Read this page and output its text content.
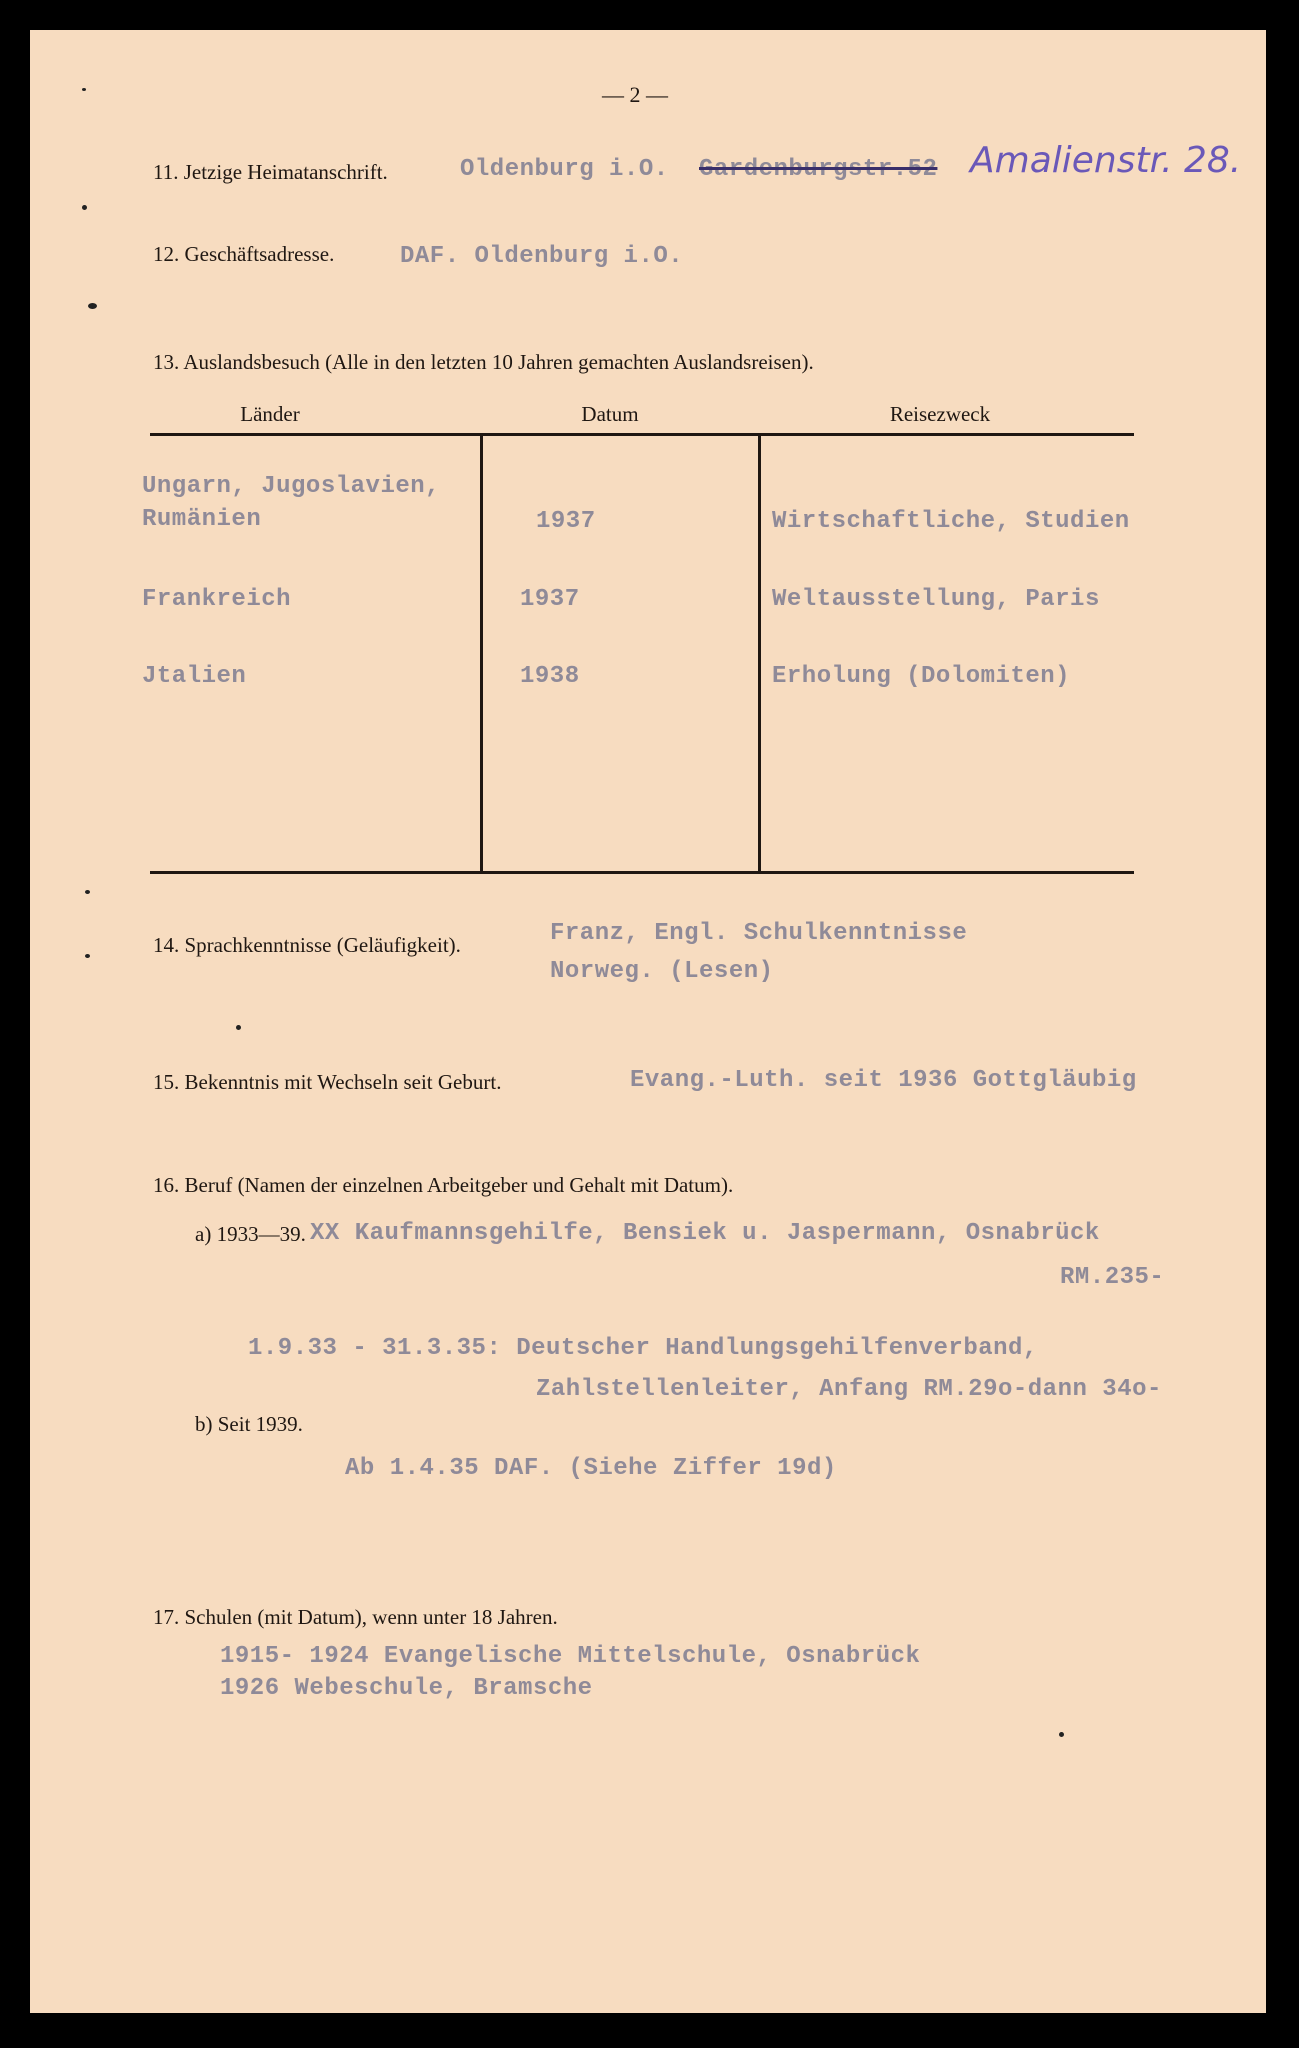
— 2 —
11. Jetzige Heimatanschrift.	Oldenburg i.O. Gardenburgstr.52 Amalienstr. 28.
12. Geschäftsadresse.	DAF. Oldenburg i.O.
13. Auslandsbesuch (Alle in den letzten 10 Jahren gemachten Auslandsreisen).
Länder	Datum	Reisezweck
Ungarn, Jugoslavien,
Rumänien	1937	Wirtschaftliche, Studien
Frankreich	1937	Weltausstellung, Paris
Jtalien	1938	Erholung (Dolomiten)
14. Sprachkenntnisse (Geläufigkeit).	Franz, Engl. Schulkenntnisse
Norweg. (Lesen)
15. Bekenntnis mit Wechseln seit Geburt.	Evang.-Luth. seit 1936 Gottgläubig
16. Beruf (Namen der einzelnen Arbeitgeber und Gehalt mit Datum).
a) 1933—39. XX Kaufmannsgehilfe, Bensiek u. Jaspermann, Osnabrück
RM.235-
1.9.33 - 31.3.35: Deutscher Handlungsgehilfenverband,
Zahlstellenleiter, Anfang RM.29o-dann 34o-
b) Seit 1939.
Ab 1.4.35 DAF. (Siehe Ziffer 19d)
17. Schulen (mit Datum), wenn unter 18 Jahren.
1915- 1924 Evangelische Mittelschule, Osnabrück
1926 Webeschule, Bramsche
